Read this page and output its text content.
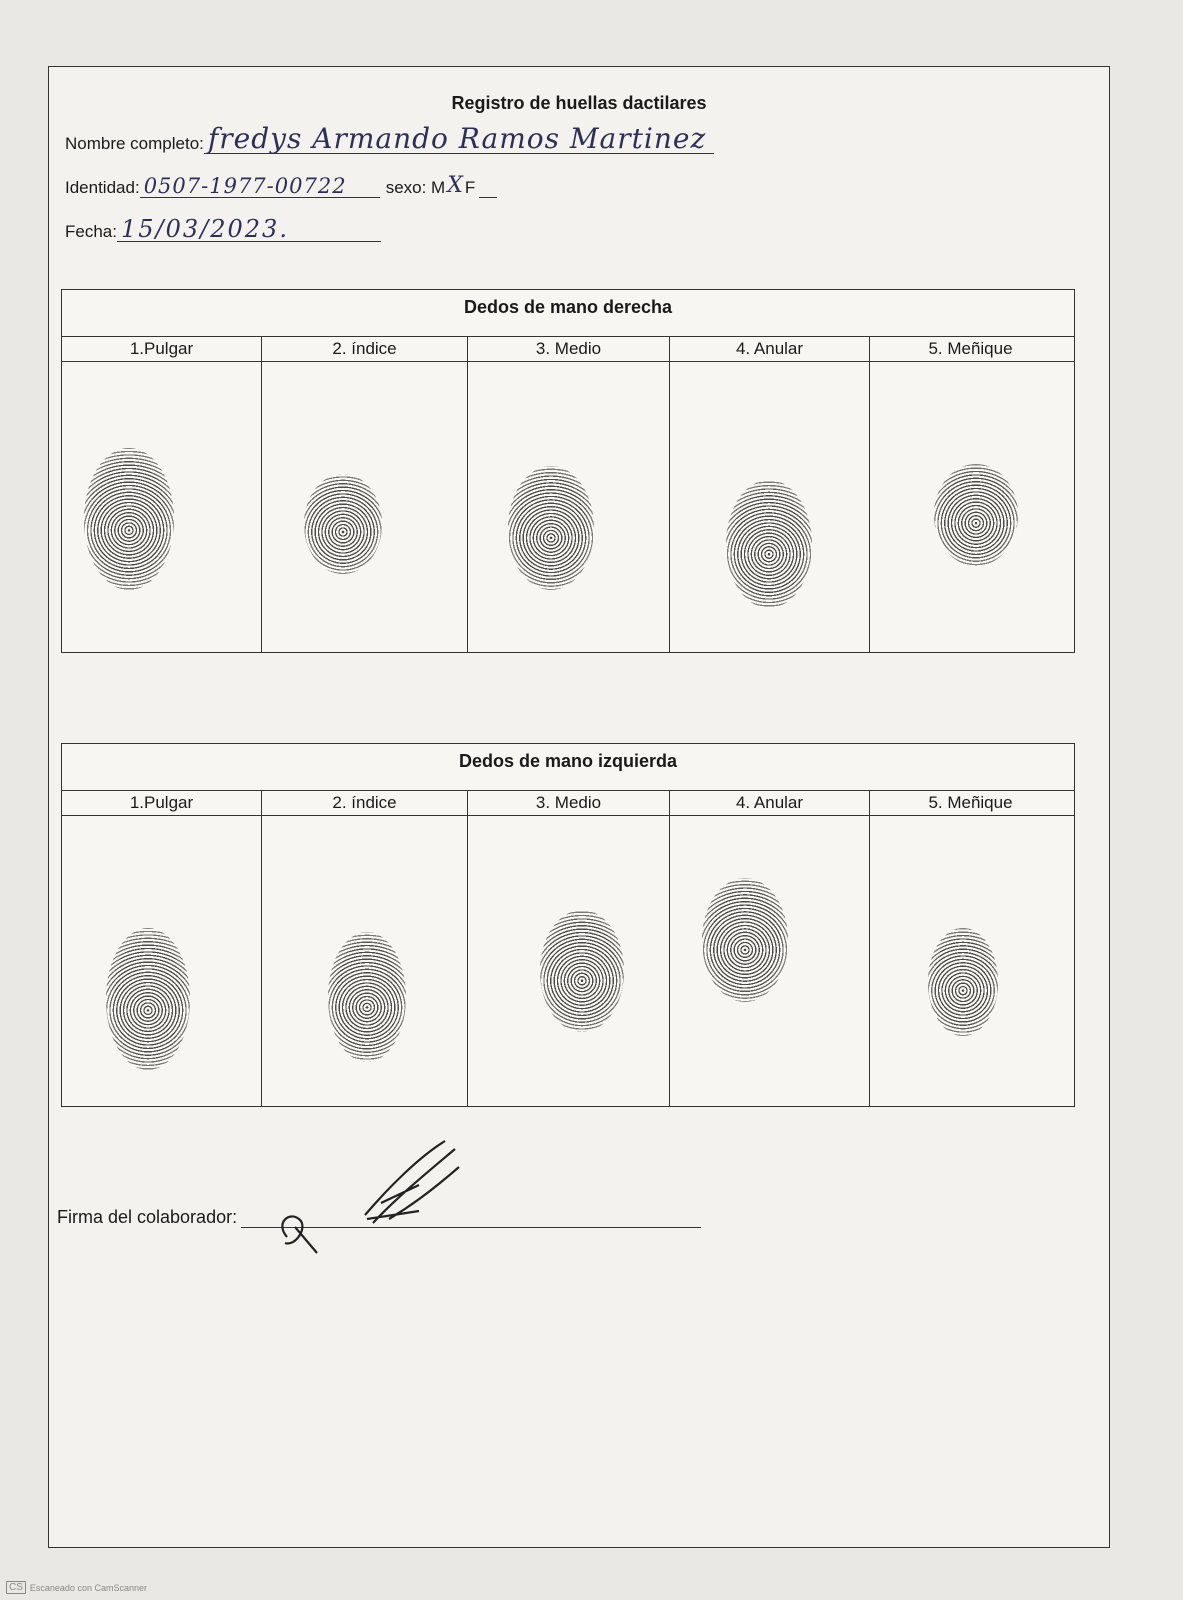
Registro de huellas dactilares
Nombre completo: fredys Armando Ramos Martinez
Identidad: 0507-1977-00722	sexo: M X F
Fecha: 15/03/2023.
Dedos de mano derecha
1.Pulgar	2. índice	3. Medio	4. Anular	5. Meñique
Dedos de mano izquierda
1.Pulgar	2. índice	3. Medio	4. Anular	5. Meñique
Firma del colaborador:
CS Escaneado con CamScanner
